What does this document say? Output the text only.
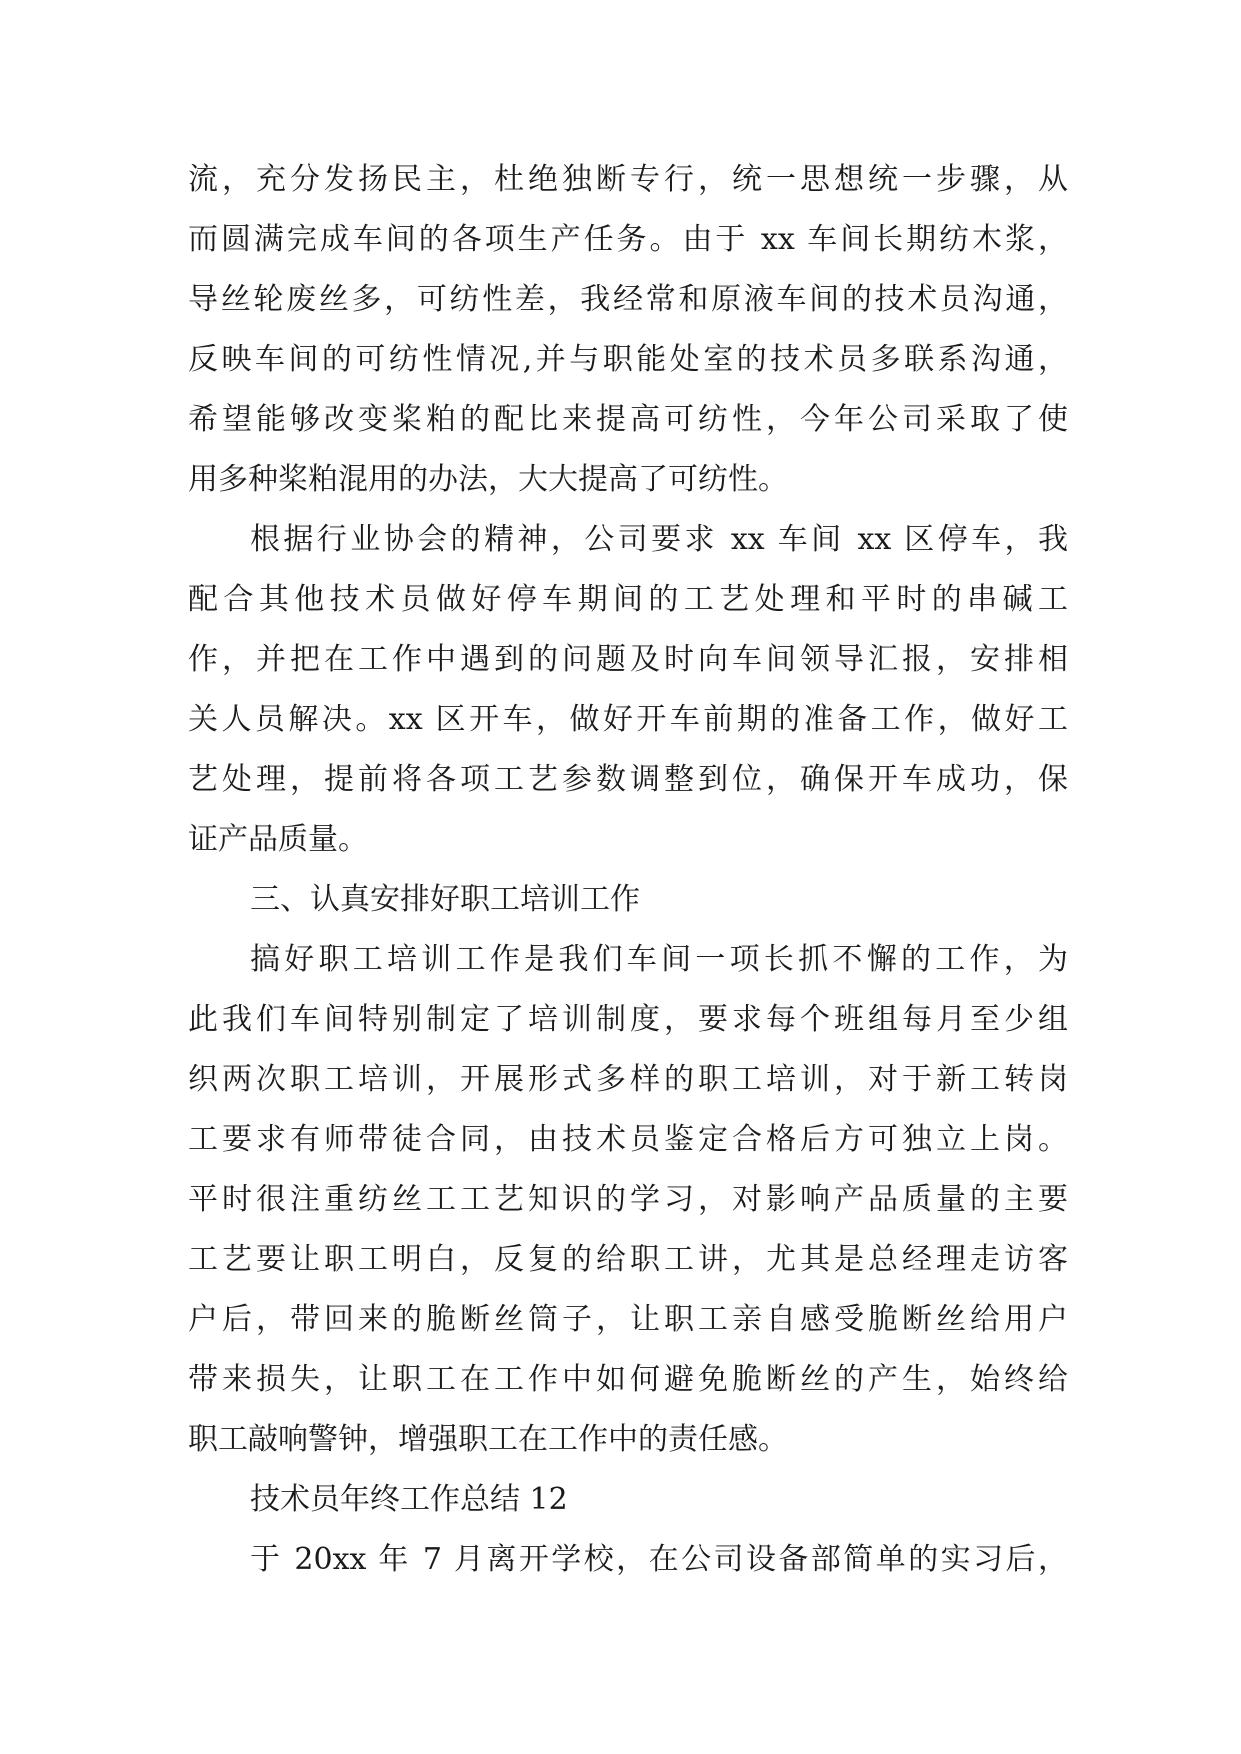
流，充分发扬民主，杜绝独断专行，统一思想统一步骤，从
而圆满完成车间的各项生产任务。由于 xx 车间长期纺木浆，
导丝轮废丝多，可纺性差，我经常和原液车间的技术员沟通，
反映车间的可纺性情况,并与职能处室的技术员多联系沟通，
希望能够改变桨粕的配比来提高可纺性，今年公司采取了使
用多种桨粕混用的办法，大大提高了可纺性。
根据行业协会的精神，公司要求 xx 车间 xx 区停车，我
配合其他技术员做好停车期间的工艺处理和平时的串碱工
作，并把在工作中遇到的问题及时向车间领导汇报，安排相
关人员解决。xx 区开车，做好开车前期的准备工作，做好工
艺处理，提前将各项工艺参数调整到位，确保开车成功，保
证产品质量。
三、认真安排好职工培训工作
搞好职工培训工作是我们车间一项长抓不懈的工作，为
此我们车间特别制定了培训制度，要求每个班组每月至少组
织两次职工培训，开展形式多样的职工培训，对于新工转岗
工要求有师带徒合同，由技术员鉴定合格后方可独立上岗。
平时很注重纺丝工工艺知识的学习，对影响产品质量的主要
工艺要让职工明白，反复的给职工讲，尤其是总经理走访客
户后，带回来的脆断丝筒子，让职工亲自感受脆断丝给用户
带来损失，让职工在工作中如何避免脆断丝的产生，始终给
职工敲响警钟，增强职工在工作中的责任感。
技术员年终工作总结 12
于 20xx 年 7 月离开学校，在公司设备部简单的实习后，
